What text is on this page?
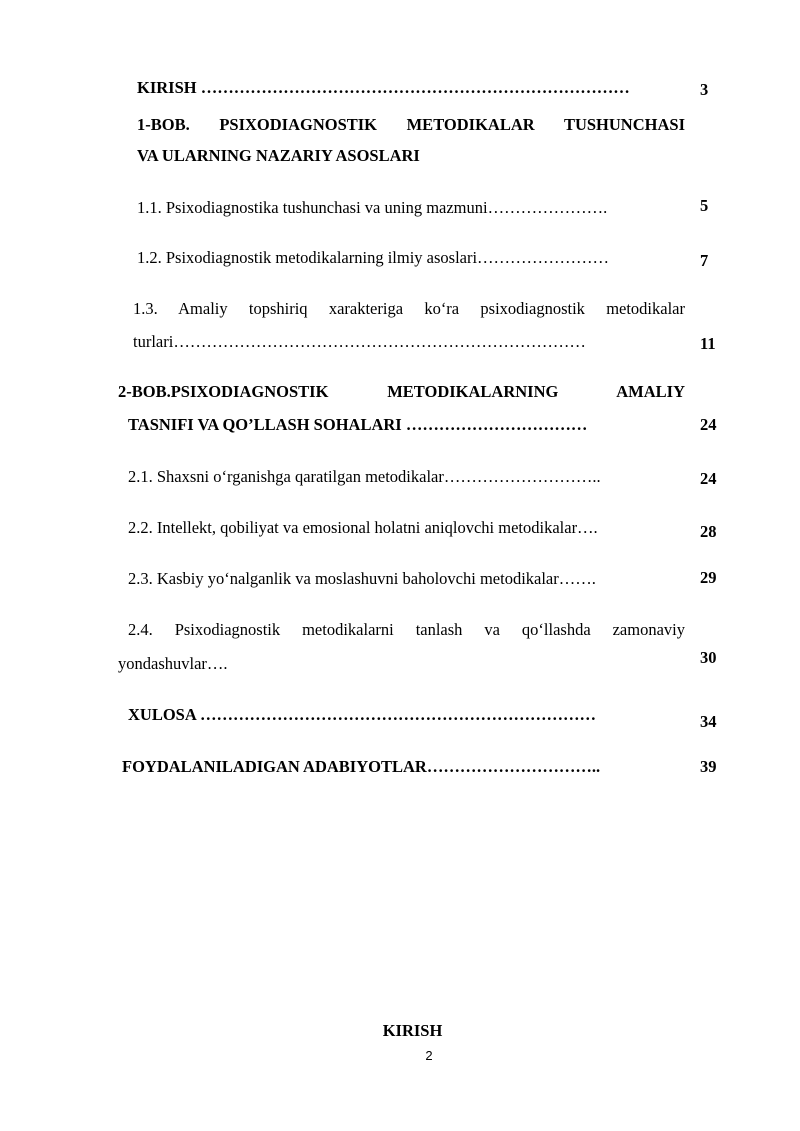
KIRISH ……………………………………………………………………	3
1-BOB. PSIXODIAGNOSTIK METODIKALAR TUSHUNCHASI
VA ULARNING NAZARIY ASOSLARI
1.1. Psixodiagnostika tushunchasi va uning mazmuni………………….	5
1.2. Psixodiagnostik metodikalarning ilmiy asoslari……………………	7
1.3. Amaliy topshiriq xarakteriga ko‘ra psixodiagnostik metodikalar
turlari…………………………………………………………………	11
2-BOB.PSIXODIAGNOSTIK METODIKALARNING AMALIY
TASNIFI VA QO’LLASH SOHALARI ……………………………	24
2.1. Shaxsni o‘rganishga qaratilgan metodikalar………………………..	24
2.2. Intellekt, qobiliyat va emosional holatni aniqlovchi metodikalar….	28
2.3. Kasbiy yo‘nalganlik va moslashuvni baholovchi metodikalar…….	29
2.4. Psixodiagnostik metodikalarni tanlash va qo‘llashda zamonaviy
yondashuvlar….	30
XULOSA ………………………………………………………………	34
FOYDALANILADIGAN ADABIYOTLAR…………………………..	39
KIRISH
2
